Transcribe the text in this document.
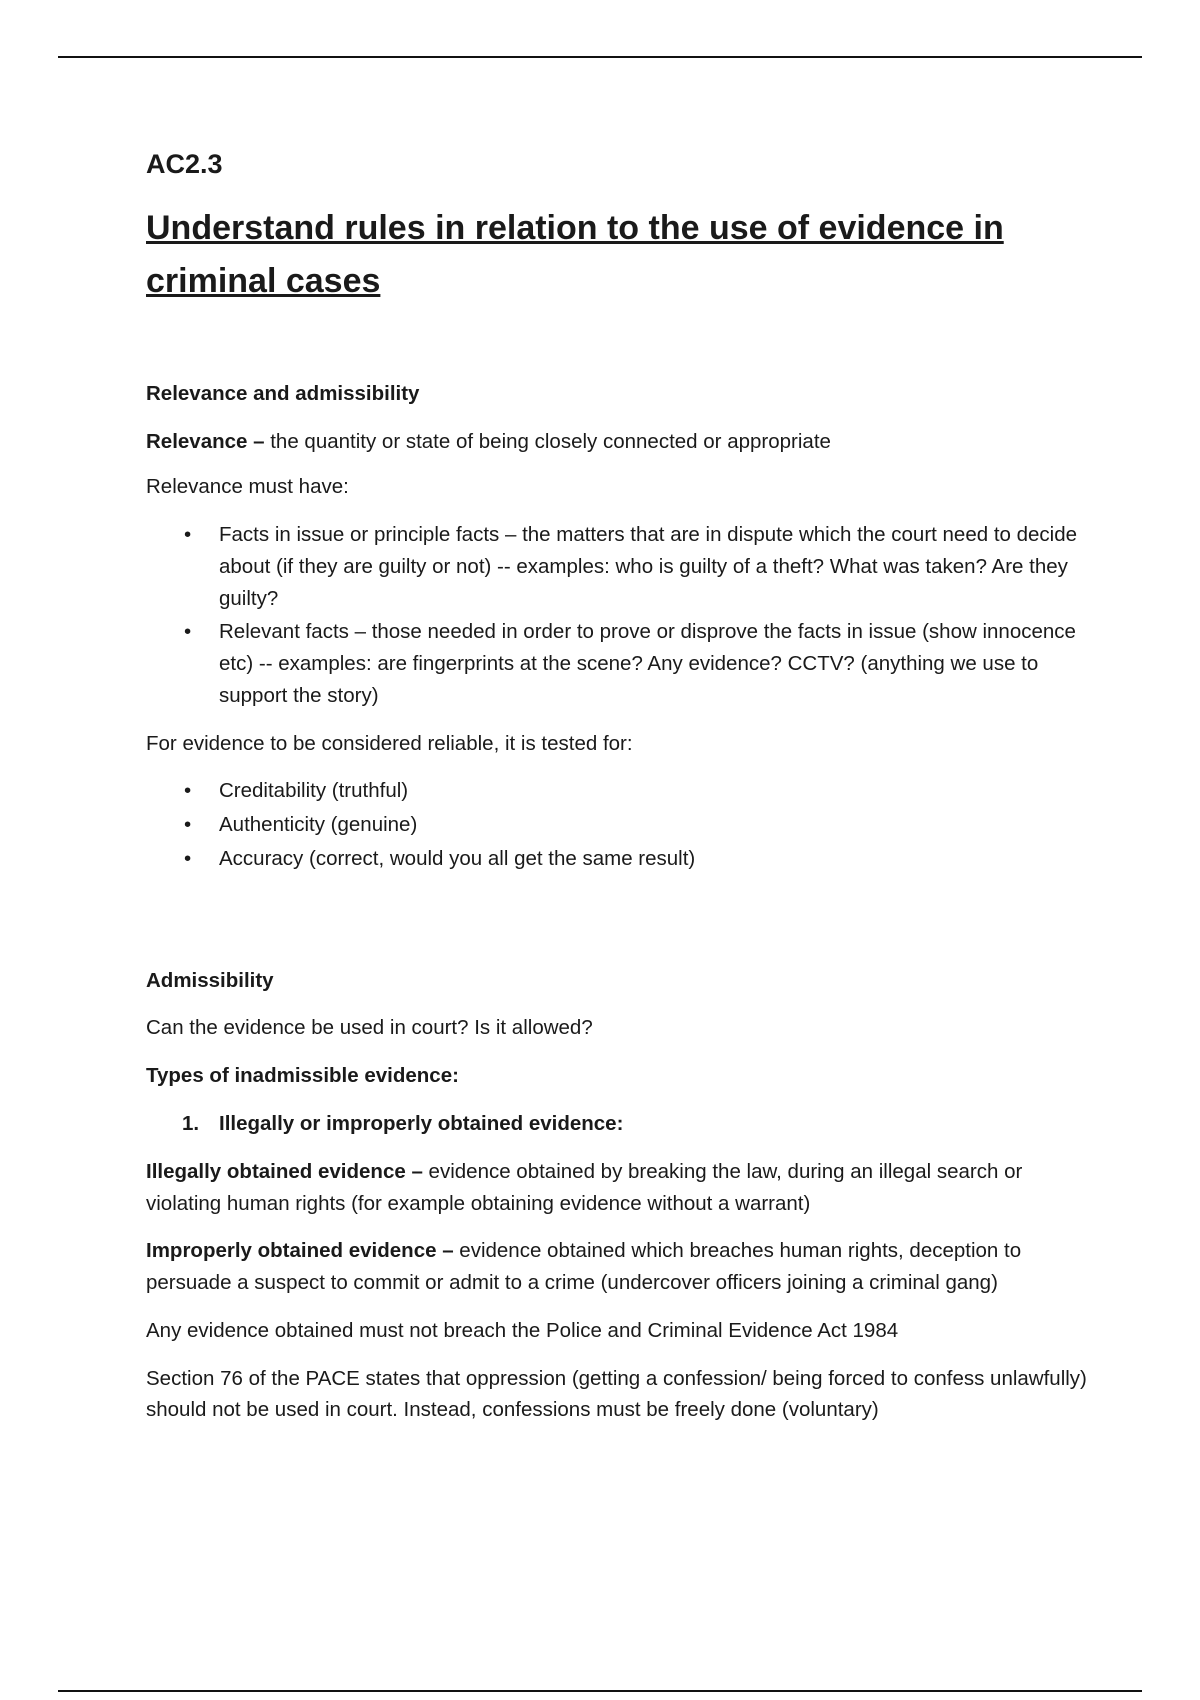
AC2.3
Understand rules in relation to the use of evidence in criminal cases

Relevance and admissibility

Relevance – the quantity or state of being closely connected or appropriate

Relevance must have:

• Facts in issue or principle facts – the matters that are in dispute which the court need to decide about (if they are guilty or not) -- examples: who is guilty of a theft? What was taken? Are they guilty?
• Relevant facts – those needed in order to prove or disprove the facts in issue (show innocence etc) -- examples: are fingerprints at the scene? Any evidence? CCTV? (anything we use to support the story)

For evidence to be considered reliable, it is tested for:

• Creditability (truthful)
• Authenticity (genuine)
• Accuracy (correct, would you all get the same result)

Admissibility

Can the evidence be used in court? Is it allowed?

Types of inadmissible evidence:

1. Illegally or improperly obtained evidence:

Illegally obtained evidence – evidence obtained by breaking the law, during an illegal search or violating human rights (for example obtaining evidence without a warrant)

Improperly obtained evidence – evidence obtained which breaches human rights, deception to persuade a suspect to commit or admit to a crime (undercover officers joining a criminal gang)

Any evidence obtained must not breach the Police and Criminal Evidence Act 1984

Section 76 of the PACE states that oppression (getting a confession/ being forced to confess unlawfully) should not be used in court. Instead, confessions must be freely done (voluntary)
